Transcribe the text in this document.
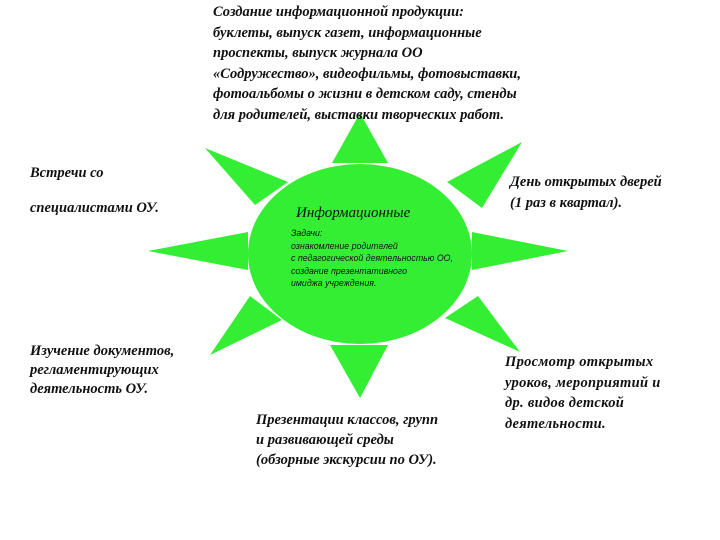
Создание информационной продукции:
буклеты, выпуск газет, информационные
проспекты, выпуск журнала ОО
«Содружество», видеофильмы, фотовыставки,
фотоальбомы о жизни в детском саду, стенды
для родителей, выставки творческих работ.
Встречи со
специалистами ОУ.
День открытых дверей
(1 раз в квартал).
Изучение документов,
регламентирующих
деятельность ОУ.
Просмотр открытых
уроков, мероприятий и
др. видов детской
деятельности.
Презентации классов, групп
и развивающей среды
(обзорные экскурсии по ОУ).
Информационные
Задачи:
ознакомление родителей
с педагогической деятельностью ОО,
создание презентативного
имиджа учреждения.
